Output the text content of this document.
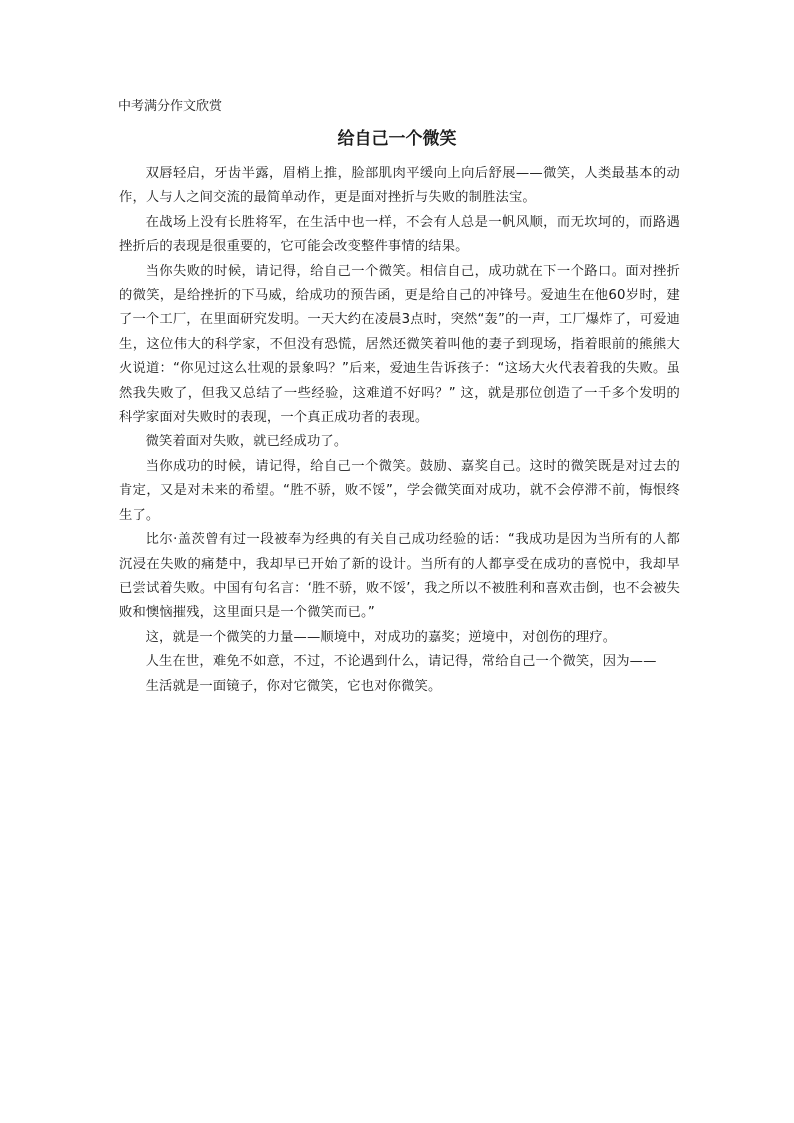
中考满分作文欣赏
给自己一个微笑

双唇轻启，牙齿半露，眉梢上推，脸部肌肉平缓向上向后舒展——微笑，人类最基本的动作，人与人之间交流的最简单动作，更是面对挫折与失败的制胜法宝。

在战场上没有长胜将军，在生活中也一样，不会有人总是一帆风顺，而无坎坷的，而路遇挫折后的表现是很重要的，它可能会改变整件事情的结果。

当你失败的时候，请记得，给自己一个微笑。相信自己，成功就在下一个路口。面对挫折的微笑，是给挫折的下马威，给成功的预告函，更是给自己的冲锋号。爱迪生在他60岁时，建了一个工厂，在里面研究发明。一天大约在凌晨3点时，突然“轰”的一声，工厂爆炸了，可爱迪生，这位伟大的科学家，不但没有恐慌，居然还微笑着叫他的妻子到现场，指着眼前的熊熊大火说道：“你见过这么壮观的景象吗？”后来，爱迪生告诉孩子：“这场大火代表着我的失败。虽然我失败了，但我又总结了一些经验，这难道不好吗？” 这，就是那位创造了一千多个发明的科学家面对失败时的表现，一个真正成功者的表现。

微笑着面对失败，就已经成功了。

当你成功的时候，请记得，给自己一个微笑。鼓励、嘉奖自己。这时的微笑既是对过去的肯定，又是对未来的希望。“胜不骄，败不馁”，学会微笑面对成功，就不会停滞不前，悔恨终生了。

比尔·盖茨曾有过一段被奉为经典的有关自己成功经验的话：“我成功是因为当所有的人都沉浸在失败的痛楚中，我却早已开始了新的设计。当所有的人都享受在成功的喜悦中，我却早已尝试着失败。中国有句名言：‘胜不骄，败不馁’，我之所以不被胜利和喜欢击倒，也不会被失败和懊恼摧残，这里面只是一个微笑而已。”

这，就是一个微笑的力量——顺境中，对成功的嘉奖；逆境中，对创伤的理疗。

人生在世，难免不如意，不过，不论遇到什么，请记得，常给自己一个微笑，因为——

生活就是一面镜子，你对它微笑，它也对你微笑。
